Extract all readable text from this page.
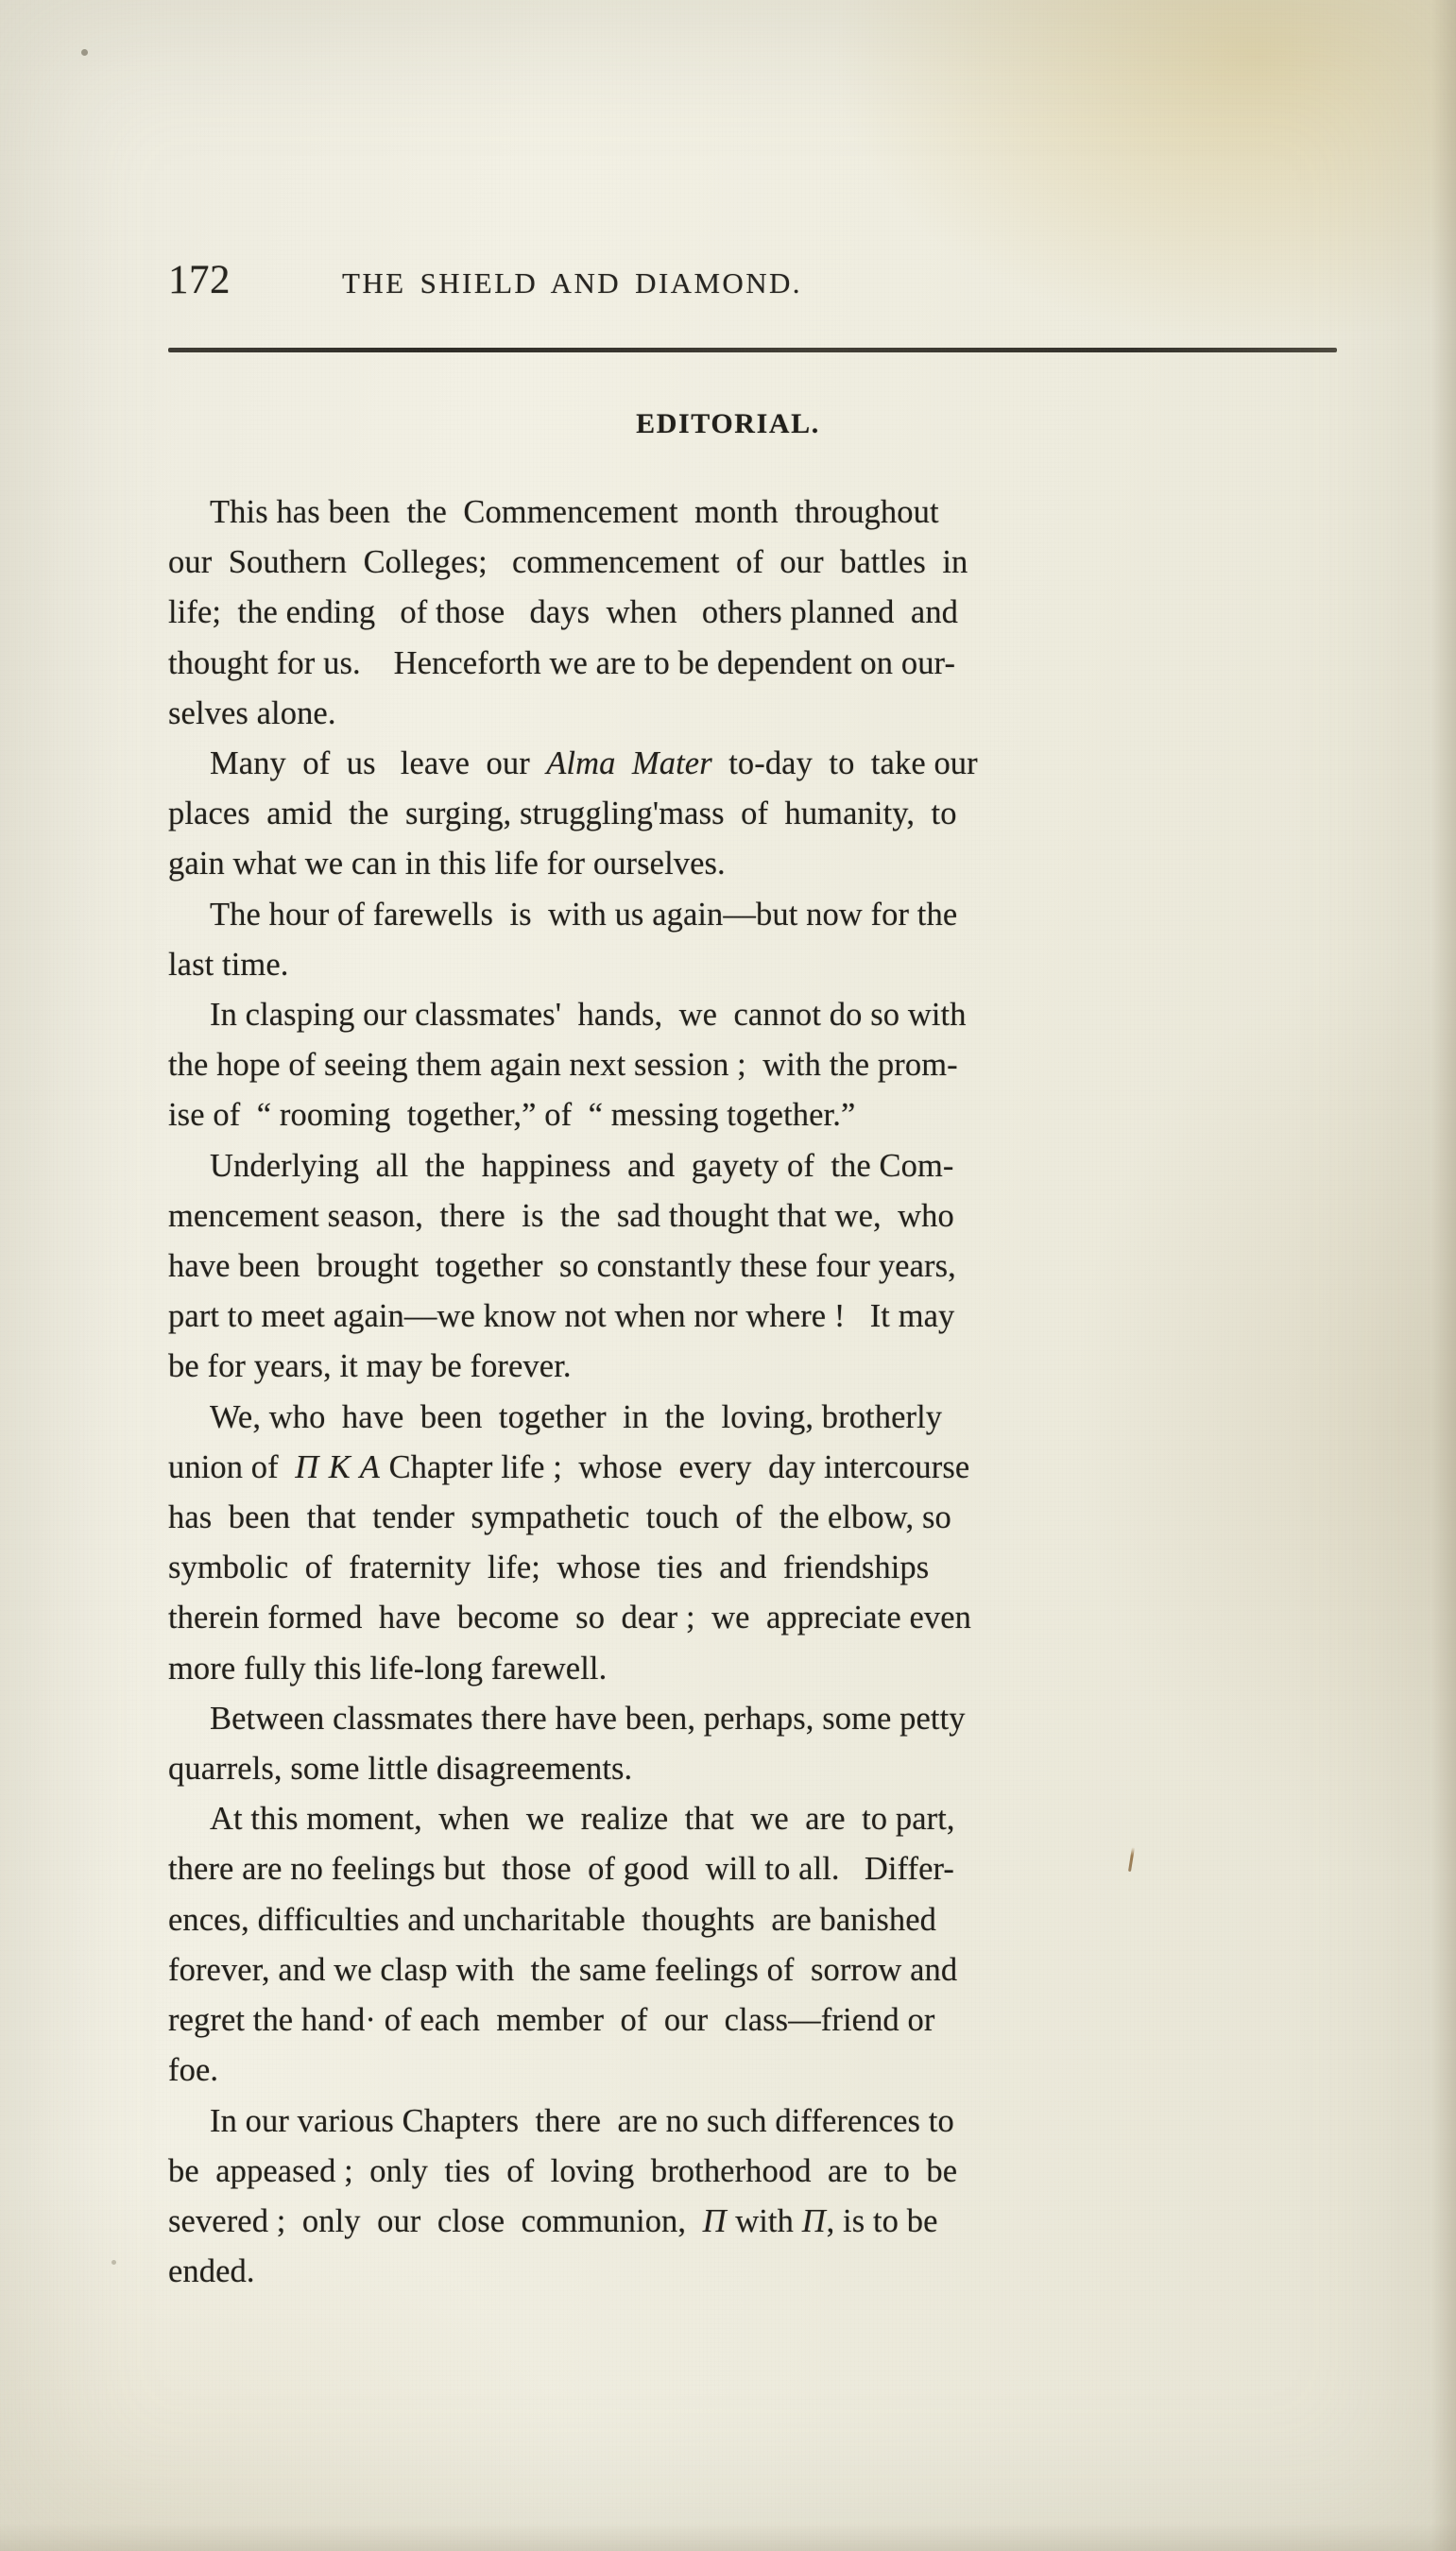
172	THE SHIELD AND DIAMOND.
EDITORIAL.

This has been  the  Commencement  month  throughout
our  Southern  Colleges;   commencement  of  our  battles  in
life;  the ending   of those   days  when   others planned  and
thought for us.    Henceforth we are to be dependent on our-
selves alone.

Many  of  us   leave  our  Alma  Mater  to-day  to  take our
places  amid  the  surging, struggling'mass  of  humanity,  to
gain what we can in this life for ourselves.

The hour of farewells  is  with us again—but now for the
last time.

In clasping our classmates'  hands,  we  cannot do so with
the hope of seeing them again next session ;  with the prom-
ise of  “ rooming  together,” of  “ messing together.”

Underlying  all  the  happiness  and  gayety of  the Com-
mencement season,  there  is  the  sad thought that we,  who
have been  brought  together  so constantly these four years,
part to meet again—we know not when nor where !   It may
be for years, it may be forever.

We, who  have  been  together  in  the  loving, brotherly
union of  Π Κ Α Chapter life ;  whose  every  day intercourse
has  been  that  tender  sympathetic  touch  of  the elbow, so
symbolic  of  fraternity  life;  whose  ties  and  friendships
therein formed  have  become  so  dear ;  we  appreciate even
more fully this life-long farewell.

Between classmates there have been, perhaps, some petty
quarrels, some little disagreements.

At this moment,  when  we  realize  that  we  are  to part,
there are no feelings but  those  of good  will to all.   Differ-
ences, difficulties and uncharitable  thoughts  are banished
forever, and we clasp with  the same feelings of  sorrow and
regret the hand· of each  member  of  our  class—friend or
foe.

In our various Chapters  there  are no such differences to
be  appeased ;  only  ties  of  loving  brotherhood  are  to  be
severed ;  only  our  close  communion,  Π with Π, is to be
ended.
